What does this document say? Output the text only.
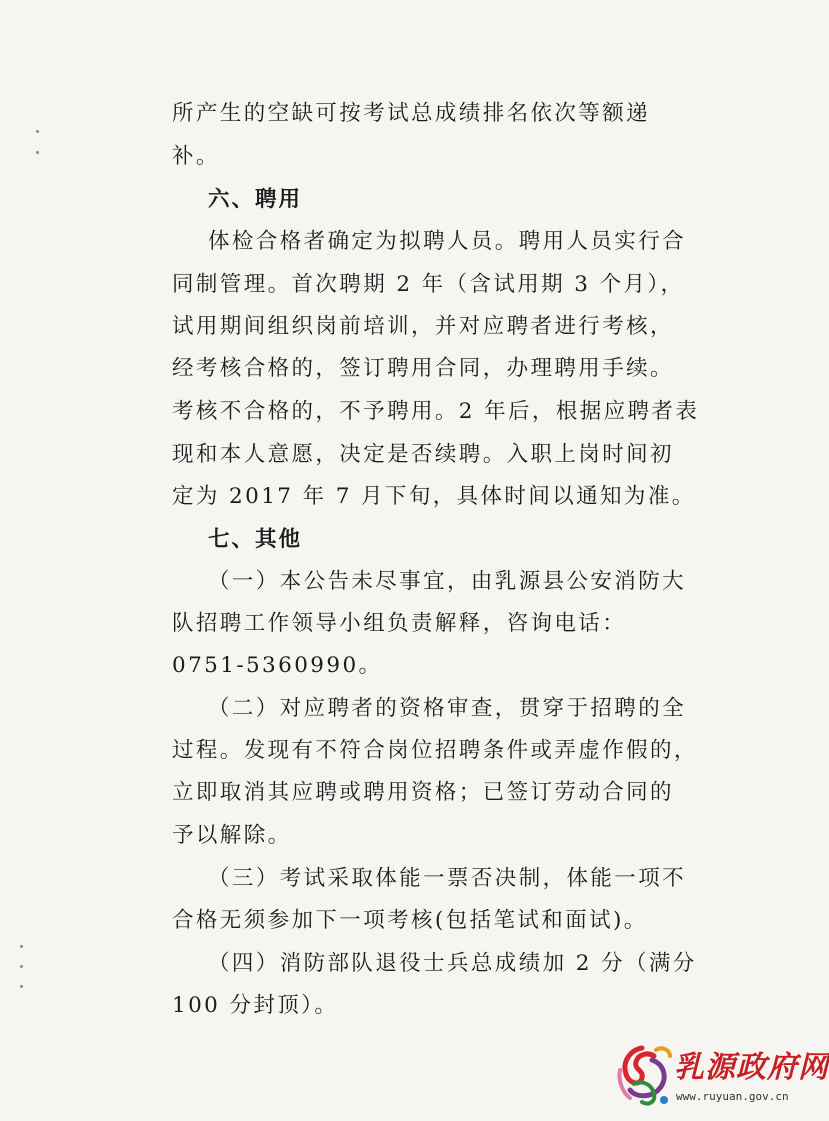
所产生的空缺可按考试总成绩排名依次等额递
补。
六、聘用
体检合格者确定为拟聘人员。聘用人员实行合
同制管理。首次聘期 2 年（含试用期 3 个月），
试用期间组织岗前培训，并对应聘者进行考核，
经考核合格的，签订聘用合同，办理聘用手续。
考核不合格的，不予聘用。2 年后，根据应聘者表
现和本人意愿，决定是否续聘。入职上岗时间初
定为 2017 年 7 月下旬，具体时间以通知为准。
七、其他
（一）本公告未尽事宜，由乳源县公安消防大
队招聘工作领导小组负责解释，咨询电话：
0751-5360990。
（二）对应聘者的资格审查，贯穿于招聘的全
过程。发现有不符合岗位招聘条件或弄虚作假的，
立即取消其应聘或聘用资格；已签订劳动合同的
予以解除。
（三）考试采取体能一票否决制，体能一项不
合格无须参加下一项考核(包括笔试和面试)。
（四）消防部队退役士兵总成绩加 2 分（满分
100 分封顶）。
乳源政府网
www.ruyuan.gov.cn
